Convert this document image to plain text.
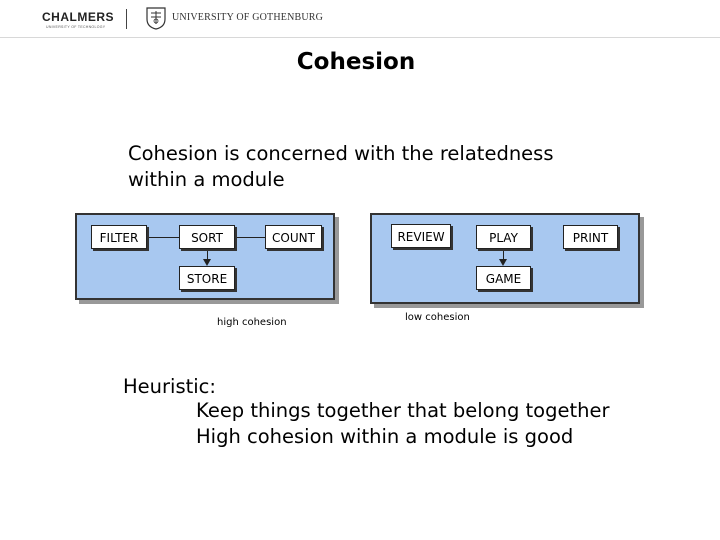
CHALMERS
UNIVERSITY OF TECHNOLOGY
UNIVERSITY OF GOTHENBURG
Cohesion
Cohesion is concerned with the relatedness
within a module
FILTER	SORT	COUNT
STORE
high cohesion
REVIEW	PLAY	PRINT
GAME
low cohesion
Heuristic:
Keep things together that belong together
High cohesion within a module is good
